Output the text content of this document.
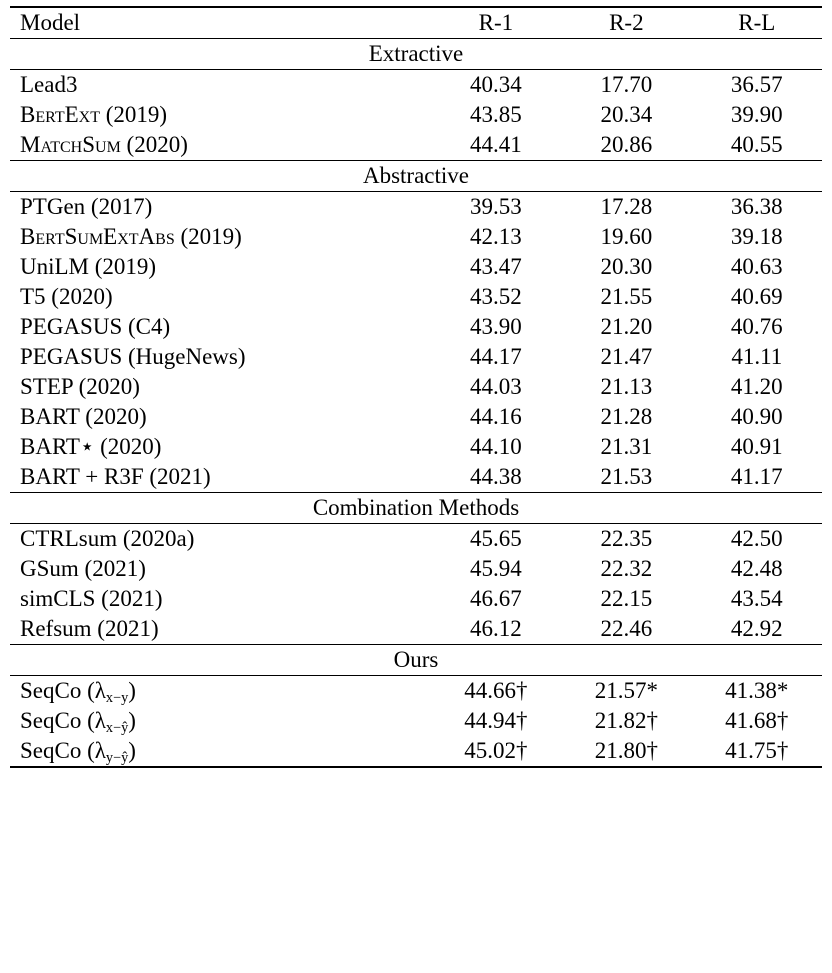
Model	R-1	R-2	R-L
Extractive			
Lead3	40.34	17.70	36.57
BertExt (2019)	43.85	20.34	39.90
MatchSum (2020)	44.41	20.86	40.55
Abstractive			
PTGen (2017)	39.53	17.28	36.38
BertSumExtAbs (2019)	42.13	19.60	39.18
UniLM (2019)	43.47	20.30	40.63
T5 (2020)	43.52	21.55	40.69
PEGASUS (C4)	43.90	21.20	40.76
PEGASUS (HugeNews)	44.17	21.47	41.11
STEP (2020)	44.03	21.13	41.20
BART (2020)	44.16	21.28	40.90
BART⋆ (2020)	44.10	21.31	40.91
BART + R3F (2021)	44.38	21.53	41.17
Combination Methods			
CTRLsum (2020a)	45.65	22.35	42.50
GSum (2021)	45.94	22.32	42.48
simCLS (2021)	46.67	22.15	43.54
Refsum (2021)	46.12	22.46	42.92
Ours			
SeqCo $(\lambda_{x-y})$	44.66†	21.57*	41.38*
SeqCo $(\lambda_{x-ŷ})$	44.94†	21.82†	41.68†
SeqCo $(\lambda_{y-ŷ})$	45.02†	21.80†	41.75†
